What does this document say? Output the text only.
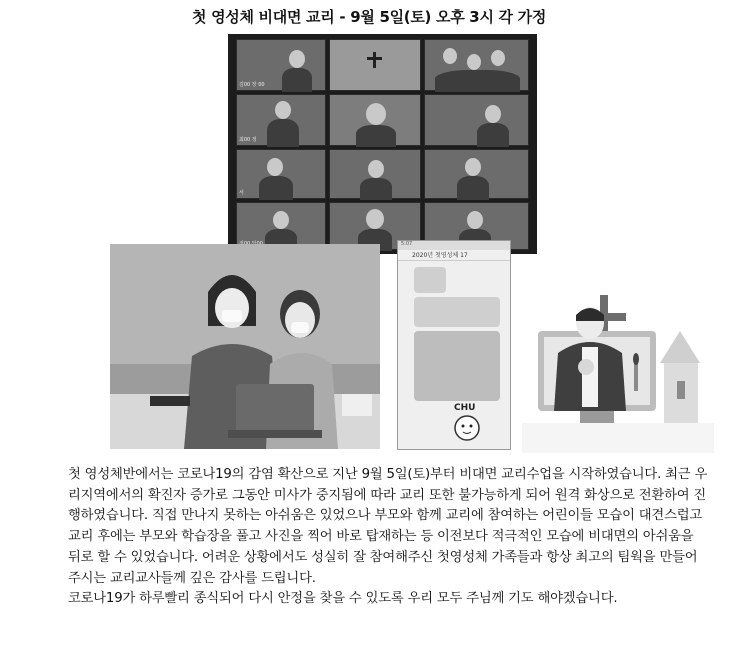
첫 영성체 비대면 교리 - 9월 5일(토) 오후 3시 각 가정
김00 장 00
최00 정
서
5:07
2020년 첫영성체 17
CHU

첫 영성체반에서는 코로나19의 감염 확산으로 지난 9월 5일(토)부터 비대면 교리수업을 시작하였습니다. 최근 우리지역에서의 확진자 증가로 그동안 미사가 중지됨에 따라 교리 또한 불가능하게 되어 원격 화상으로 전환하여 진행하였습니다. 직접 만나지 못하는 아쉬움은 있었으나 부모와 함께 교리에 참여하는 어린이들 모습이 대견스럽고 교리 후에는 부모와 학습장을 풀고 사진을 찍어 바로 탑재하는 등 이전보다 적극적인 모습에 비대면의 아쉬움을 뒤로 할 수 있었습니다. 어려운 상황에서도 성실히 잘 참여해주신 첫영성체 가족들과 항상 최고의 팀웍을 만들어주시는 교리교사들께 깊은 감사를 드립니다.

코로나19가 하루빨리 종식되어 다시 안정을 찾을 수 있도록 우리 모두 주님께 기도 해야겠습니다.
